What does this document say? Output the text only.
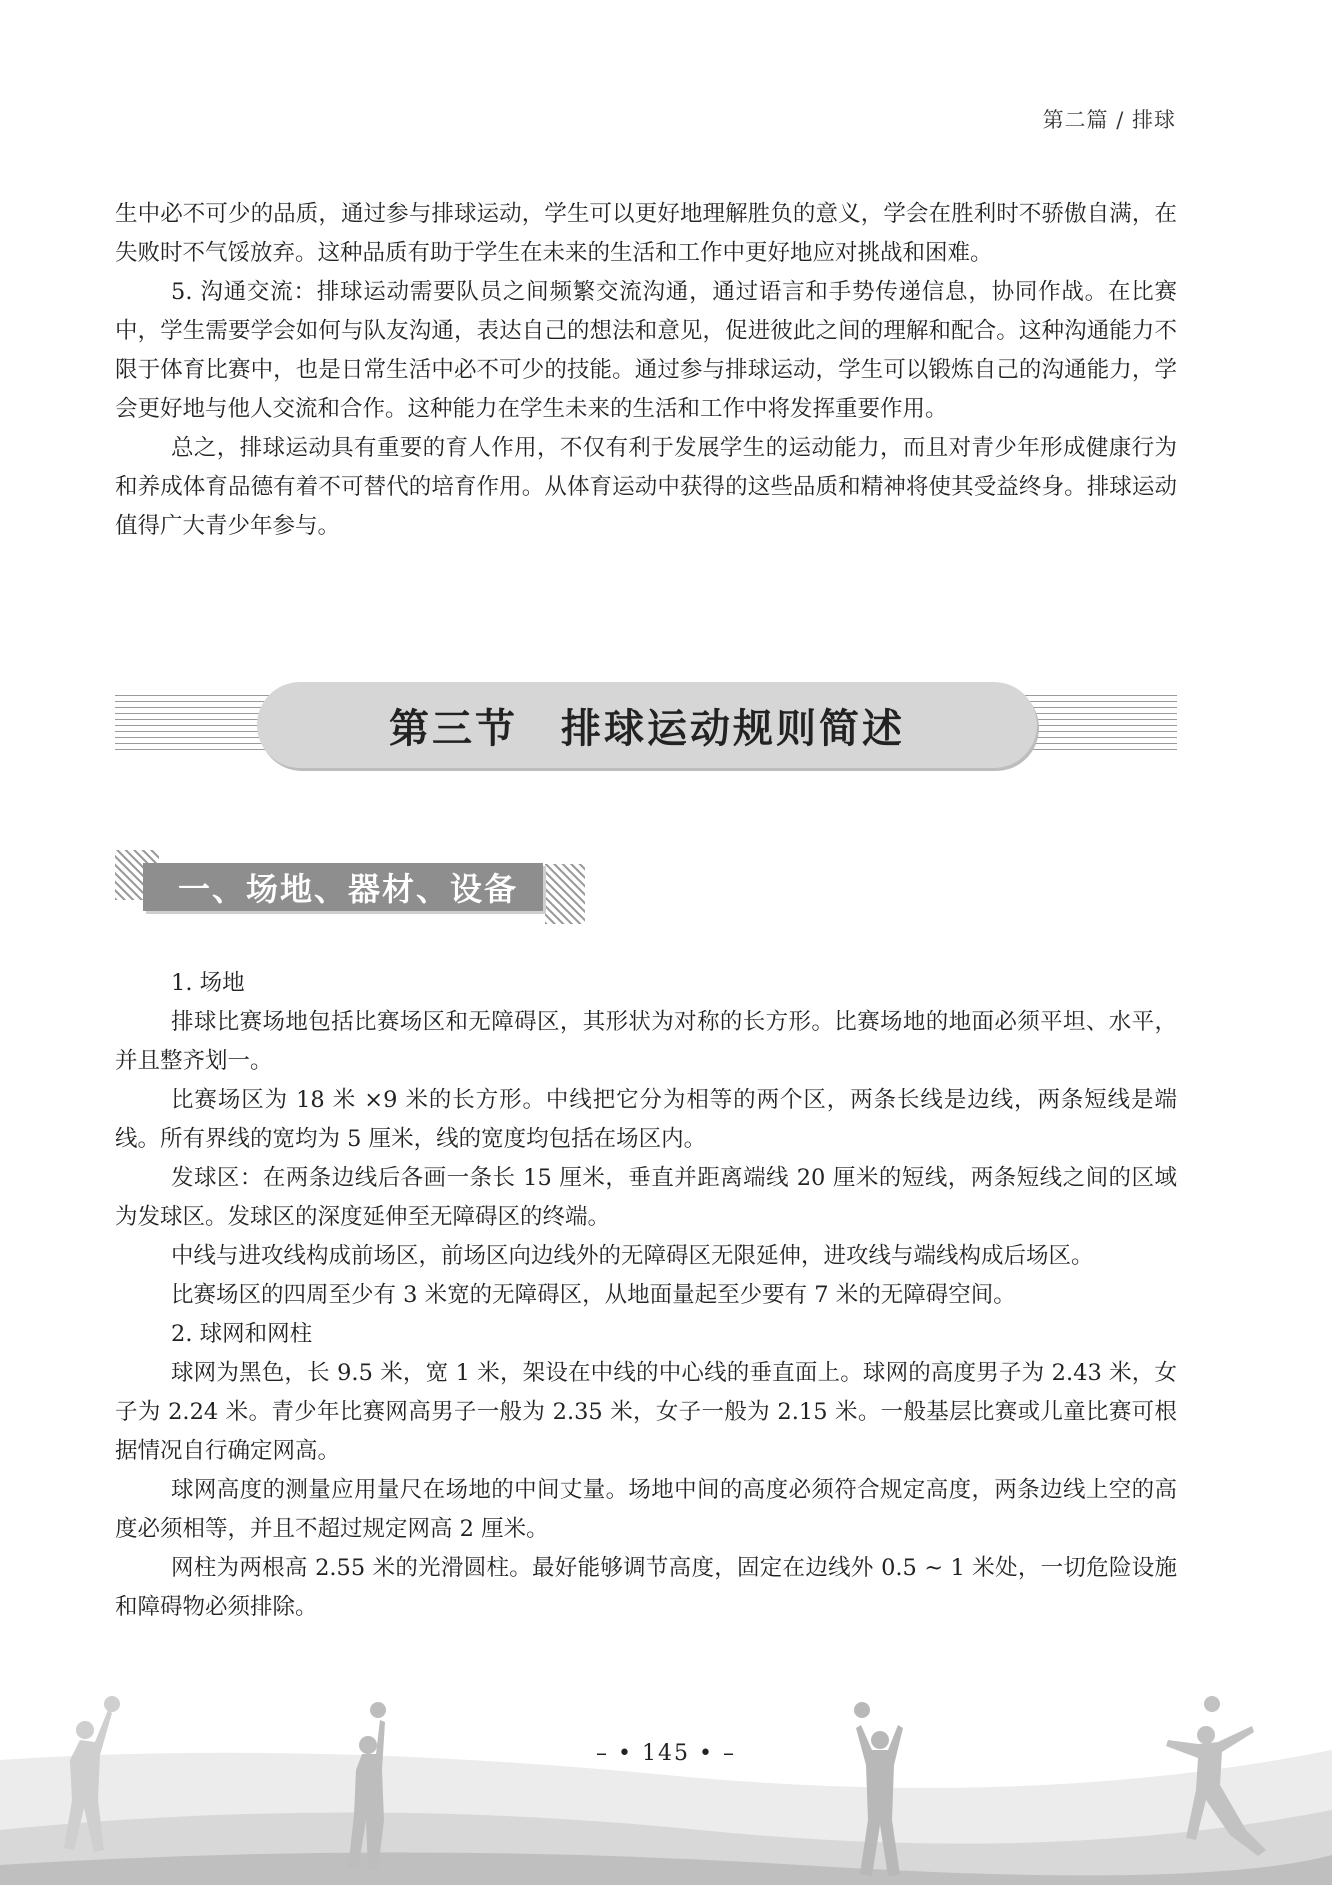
第二篇 / 排球

生中必不可少的品质，通过参与排球运动，学生可以更好地理解胜负的意义，学会在胜利时不骄傲自满，在失败时不气馁放弃。这种品质有助于学生在未来的生活和工作中更好地应对挑战和困难。

5. 沟通交流：排球运动需要队员之间频繁交流沟通，通过语言和手势传递信息，协同作战。在比赛中，学生需要学会如何与队友沟通，表达自己的想法和意见，促进彼此之间的理解和配合。这种沟通能力不限于体育比赛中，也是日常生活中必不可少的技能。通过参与排球运动，学生可以锻炼自己的沟通能力，学会更好地与他人交流和合作。这种能力在学生未来的生活和工作中将发挥重要作用。

总之，排球运动具有重要的育人作用，不仅有利于发展学生的运动能力，而且对青少年形成健康行为和养成体育品德有着不可替代的培育作用。从体育运动中获得的这些品质和精神将使其受益终身。排球运动值得广大青少年参与。

第三节　排球运动规则简述
一、场地、器材、设备

1. 场地

排球比赛场地包括比赛场区和无障碍区，其形状为对称的长方形。比赛场地的地面必须平坦、水平，并且整齐划一。

比赛场区为 18 米 ×9 米的长方形。中线把它分为相等的两个区，两条长线是边线，两条短线是端线。所有界线的宽均为 5 厘米，线的宽度均包括在场区内。

发球区：在两条边线后各画一条长 15 厘米，垂直并距离端线 20 厘米的短线，两条短线之间的区域为发球区。发球区的深度延伸至无障碍区的终端。

中线与进攻线构成前场区，前场区向边线外的无障碍区无限延伸，进攻线与端线构成后场区。

比赛场区的四周至少有 3 米宽的无障碍区，从地面量起至少要有 7 米的无障碍空间。

2. 球网和网柱

球网为黑色，长 9.5 米，宽 1 米，架设在中线的中心线的垂直面上。球网的高度男子为 2.43 米，女子为 2.24 米。青少年比赛网高男子一般为 2.35 米，女子一般为 2.15 米。一般基层比赛或儿童比赛可根据情况自行确定网高。

球网高度的测量应用量尺在场地的中间丈量。场地中间的高度必须符合规定高度，两条边线上空的高度必须相等，并且不超过规定网高 2 厘米。

网柱为两根高 2.55 米的光滑圆柱。最好能够调节高度，固定在边线外 0.5 ~ 1 米处，一切危险设施和障碍物必须排除。

– • 145 • –
